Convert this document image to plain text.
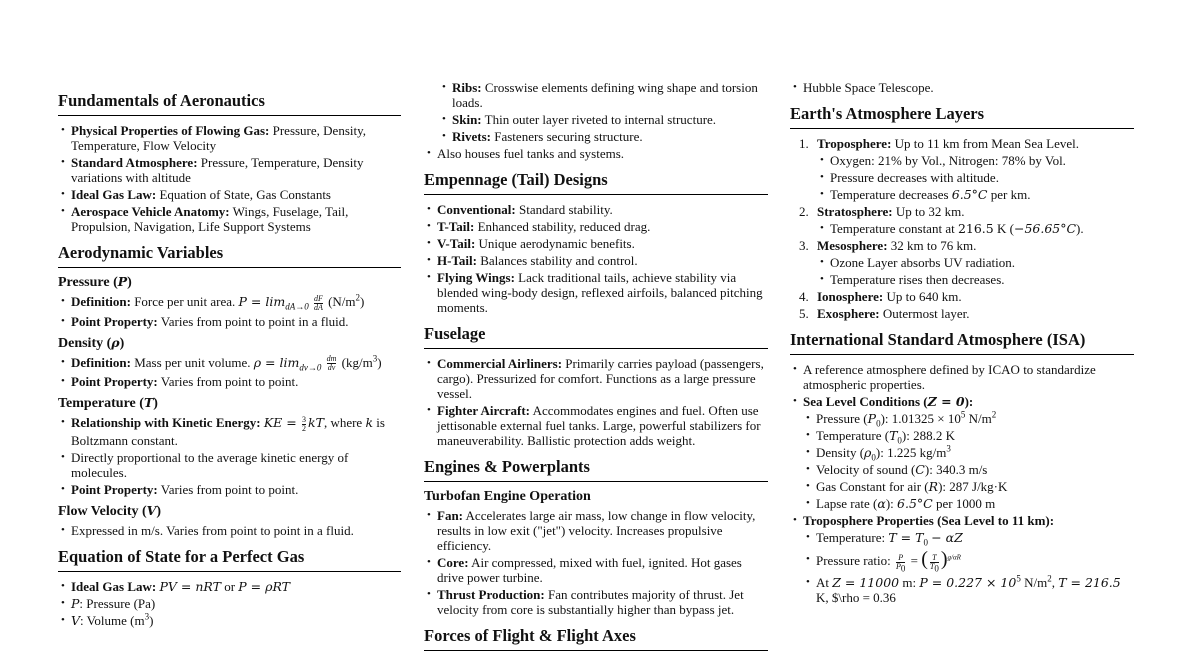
Fundamentals of Aeronautics
• Physical Properties of Flowing Gas: Pressure, Density, Temperature, Flow Velocity
• Standard Atmosphere: Pressure, Temperature, Density variations with altitude
• Ideal Gas Law: Equation of State, Gas Constants
• Aerospace Vehicle Anatomy: Wings, Fuselage, Tail, Propulsion, Navigation, Life Support Systems
Aerodynamic Variables
Pressure (P)
• Definition: Force per unit area. $P = \lim_{dA\to 0} \frac{dF}{dA} (N/m^2)$
• Point Property: Varies from point to point in a fluid.
Density (ρ)
• Definition: Mass per unit volume. $\rho = \lim_{dv\to 0} \frac{dm}{dv} (kg/m^3)$
• Point Property: Varies from point to point.
Temperature (T)
• Relationship with Kinetic Energy: KE = $\frac{3}{2}$ kT, where k is Boltzmann constant.
• Directly proportional to the average kinetic energy of molecules.
• Point Property: Varies from point to point.
Flow Velocity (V)
• Expressed in m/s. Varies from point to point in a fluid.
Equation of State for a Perfect Gas
• Ideal Gas Law: PV = nRT or P = ρRT
• P: Pressure (Pa)
• V: Volume $(m^3)$
• Ribs: Crosswise elements defining wing shape and torsion loads.
• Skin: Thin outer layer riveted to internal structure.
• Rivets: Fasteners securing structure.
• Also houses fuel tanks and systems.
Empennage (Tail) Designs
• Conventional: Standard stability.
• T-Tail: Enhanced stability, reduced drag.
• V-Tail: Unique aerodynamic benefits.
• H-Tail: Balances stability and control.
• Flying Wings: Lack traditional tails, achieve stability via blended wing-body design, reflexed airfoils, balanced pitching moments.
Fuselage
• Commercial Airliners: Primarily carries payload (passengers, cargo). Pressurized for comfort. Functions as a large pressure vessel.
• Fighter Aircraft: Accommodates engines and fuel. Often use jettisonable external fuel tanks. Large, powerful stabilizers for maneuverability. Ballistic protection adds weight.
Engines & Powerplants
Turbofan Engine Operation
• Fan: Accelerates large air mass, low change in flow velocity, results in low exit ("jet") velocity. Increases propulsive efficiency.
• Core: Air compressed, mixed with fuel, ignited. Hot gases drive power turbine.
• Thrust Production: Fan contributes majority of thrust. Jet velocity from core is substantially higher than bypass jet.
Forces of Flight & Flight Axes
• Hubble Space Telescope.
Earth's Atmosphere Layers
1. Troposphere: Up to 11 km from Mean Sea Level.
• Oxygen: 21% by Vol., Nitrogen: 78% by Vol.
• Pressure decreases with altitude.
• Temperature decreases 6.5°C per km.
2. Stratosphere: Up to 32 km.
• Temperature constant at 216.5 K (−56.65°C).
3. Mesosphere: 32 km to 76 km.
• Ozone Layer absorbs UV radiation.
• Temperature rises then decreases.
4. Ionosphere: Up to 640 km.
5. Exosphere: Outermost layer.
International Standard Atmosphere (ISA)
• A reference atmosphere defined by ICAO to standardize atmospheric properties.
• Sea Level Conditions (Z = 0):
• Pressure $(P_0)$: $1.01325 \times 10^5$ $N/m^2$
• Temperature $(T_0)$: 288.2 K
• Density $(\rho_0)$: 1.225 $kg/m^3$
• Velocity of sound (C): 340.3 m/s
• Gas Constant for air (R): 287 J/kg·K
• Lapse rate (α): 6.5°C per 1000 m
• Troposphere Properties (Sea Level to 11 km):
• Temperature: $T = T_0 - \alpha Z$
• Pressure ratio: $\frac{P}{P_0}$ = ( $\frac{T}{T_0} )^{g/\alpha R}$
• At Z = 11000 m: $P = 0.227 \times 10^5$ $N/m^2$, T = 216.5 K, $\rho = 0.36
